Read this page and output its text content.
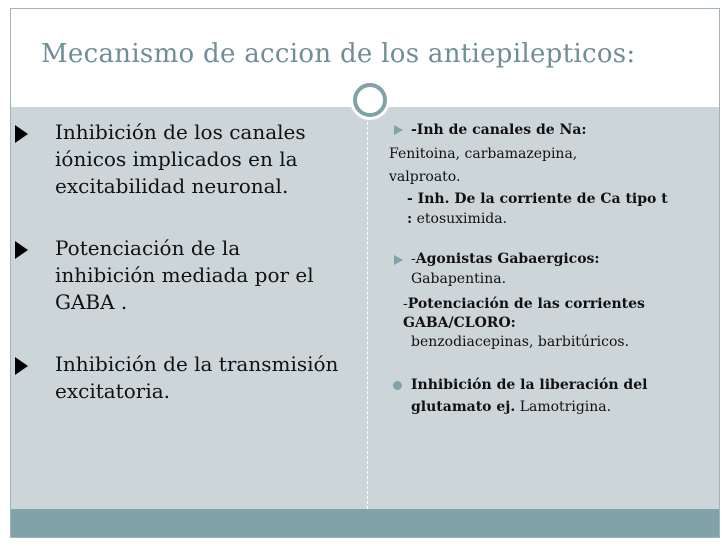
Mecanismo de accion de los antiepilepticos:
Inhibición de los canales iónicos implicados en la excitabilidad neuronal.
Potenciación de la inhibición mediada por el GABA .
Inhibición de la transmisión excitatoria.
-Inh de canales de Na:
Fenitoina, carbamazepina,
valproato.
- Inh. De la corriente de Ca tipo t : etosuximida.
-Agonistas Gabaergicos:
Gabapentina.
-Potenciación de las corrientes GABA/CLORO:
benzodiacepinas, barbitúricos.
Inhibición de la liberación del glutamato ej. Lamotrigina.
